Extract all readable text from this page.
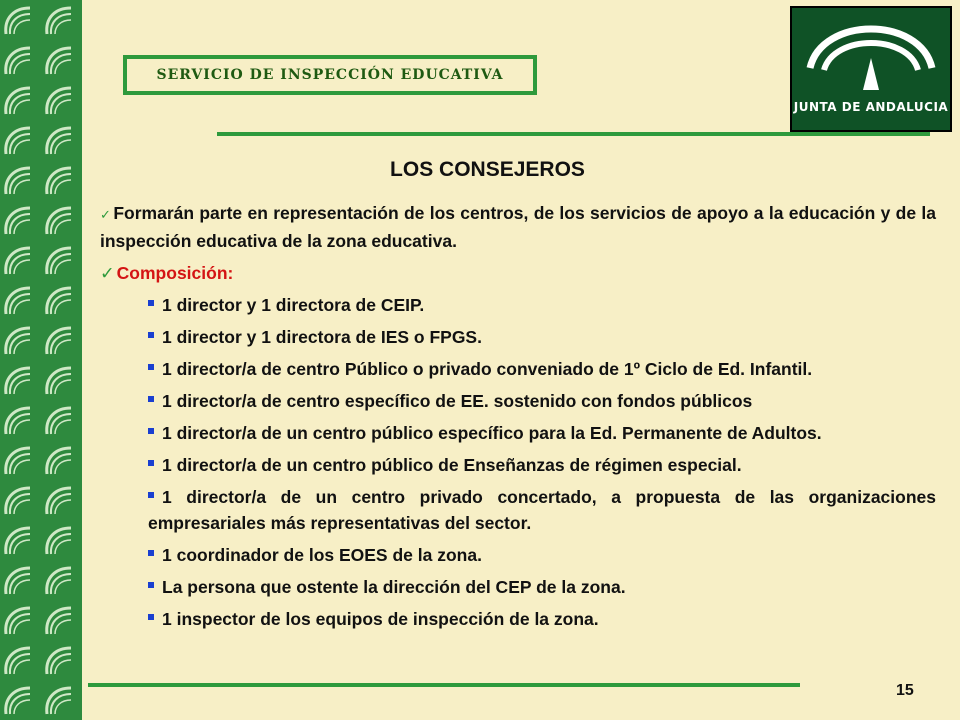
SERVICIO DE INSPECCIÓN EDUCATIVA
JUNTA DE ANDALUCIA
LOS CONSEJEROS
✓ Formarán parte en representación de los centros, de los servicios de apoyo a la educación y de la inspección educativa de la zona educativa.
✓ Composición:
1 director y 1 directora de CEIP.
1 director y 1 directora de IES o FPGS.
1 director/a de centro Público o privado conveniado de 1º Ciclo de Ed. Infantil.
1 director/a de centro específico de EE. sostenido con fondos públicos
1 director/a de un centro público específico para la Ed. Permanente de Adultos.
1 director/a de un centro público de Enseñanzas de régimen especial.
1 director/a de un centro privado concertado, a propuesta de las organizaciones empresariales más representativas del sector.
1 coordinador de los EOES de la zona.
La persona que ostente la dirección del CEP de la zona.
1 inspector de los equipos de inspección de la zona.
15
